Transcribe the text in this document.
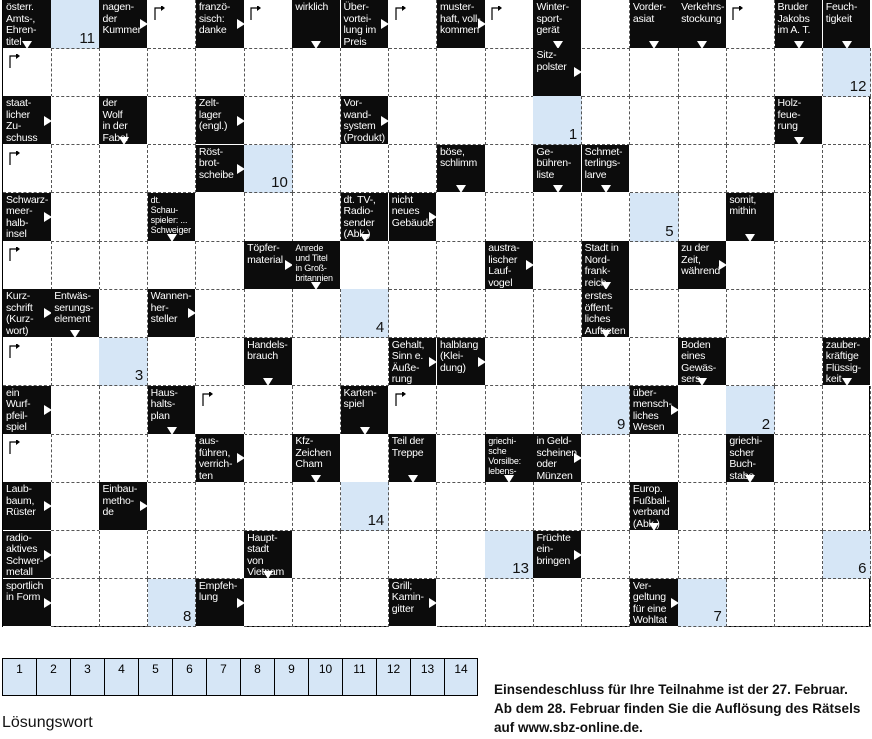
österr.
Amts-,
Ehren-
titel	11
nagen-
der
Kummer
franzö-
sisch:
danke
wirklich	Über-
vortei-
lung im
Preis
muster-
haft, voll-
kommen
Winter-
sport-
gerät
Vorder-
asiat
Verkehrs-
stockung
Bruder
Jakobs
im A. T.
Feuch-
tigkeit
Sitz-
polster
12
staat-
licher
Zu-
schuss
der
Wolf
in der
Fabel
Zelt-
lager
(engl.)
Vor-
wand-
system
(Produkt)	1
Holz-
feue-
rung
Röst-
brot-
scheibe	10
böse,
schlimm
Ge-
bühren-
liste
Schmet-
terlings-
larve
Schwarz-
meer-
halb-
insel
dt.
Schau-
spieler: ...
Schweiger
dt. TV-,
Radio-
sender
(Abk.)
nicht
neues
Gebäude	5
somit,
mithin
Töpfer-
material
Anrede
und Titel
in Groß-
britannien
austra-
lischer
Lauf-
vogel
Stadt in
Nord-
frank-
reich
zu der
Zeit,
während
Kurz-
schrift
(Kurz-
wort)
Entwäs-
serungs-
element
Wannen-
her-
steller	4
erstes
öffent-
liches
Auftreten
3
Handels-
brauch
Gehalt,
Sinn e.
Äuße-
rung
halblang
(Klei-
dung)
Boden
eines
Gewäs-
sers
zauber-
kräftige
Flüssig-
keit
ein
Wurf-
pfeil-
spiel
Haus-
halts-
plan
Karten-
spiel
9
über-
mensch-
liches
Wesen	2
aus-
führen,
verrich-
ten
Kfz-
Zeichen
Cham
Teil der
Treppe
griechi-
sche
Vorsilbe:
lebens-
in Geld-
scheinen
oder
Münzen
griechi-
scher
Buch-
stabe
Laub-
baum,
Rüster
Einbau-
metho-
de	14
Europ.
Fußball-
verband
(Abk.)
radio-
aktives
Schwer-
metall
Haupt-
stadt
von
Vietnam	13
Früchte
ein-
bringen	6
sportlich
in Form
8
Empfeh-
lung
Grill;
Kamin-
gitter
Ver-
geltung
für eine
Wohltat	7
1	2	3	4	5	6	7	8	9	10	11	12	13	14
Lösungswort
Einsendeschluss für Ihre Teilnahme ist der 27. Februar.
Ab dem 28. Februar finden Sie die Auflösung des Rätsels
auf www.sbz-online.de.
